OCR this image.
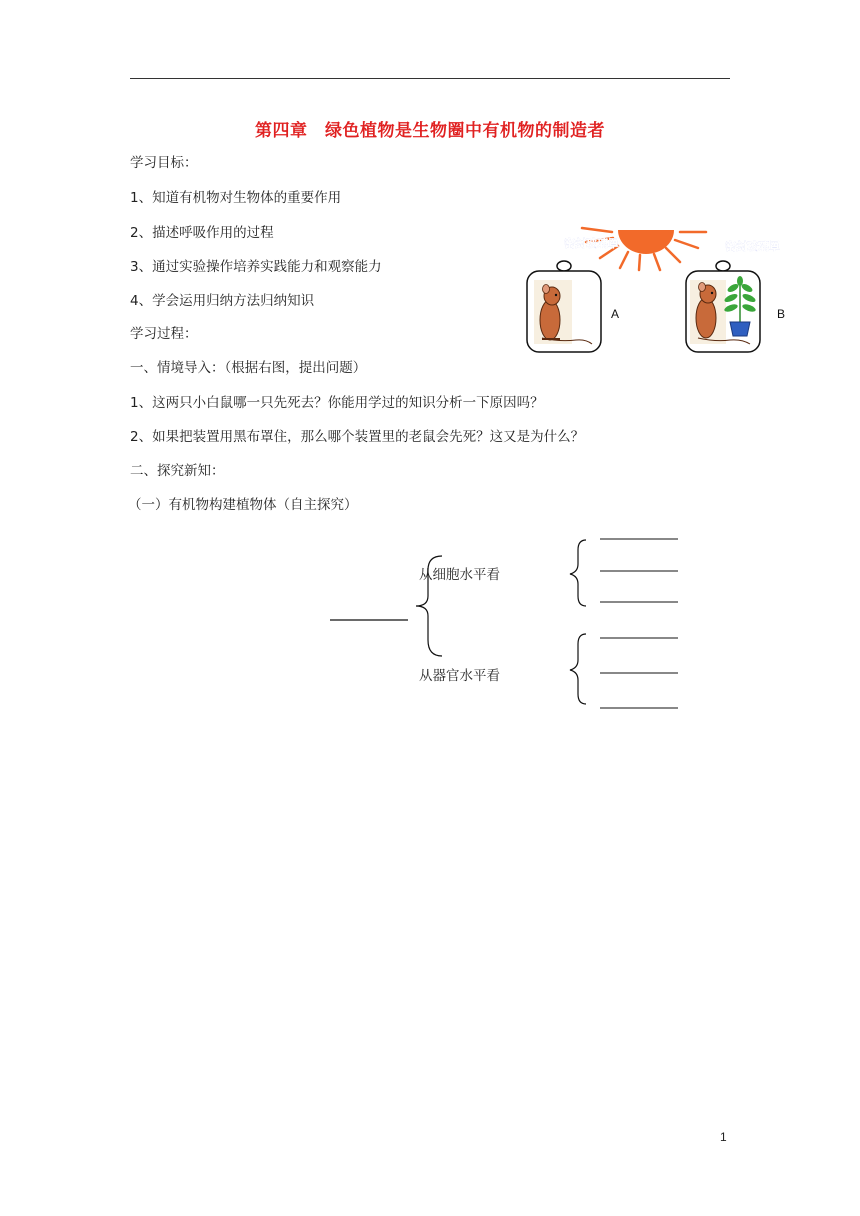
第四章　绿色植物是生物圈中有机物的制造者
学习目标：
1、知道有机物对生物体的重要作用
2、描述呼吸作用的过程
3、通过实验操作培养实践能力和观察能力
4、学会运用归纳方法归纳知识
学习过程：
一、情境导入：（根据右图，提出问题）
1、这两只小白鼠哪一只先死去？你能用学过的知识分析一下原因吗？
2、如果把装置用黑布罩住，那么哪个装置里的老鼠会先死？这又是为什么？
二、探究新知：
（一）有机物构建植物体（自主探究）
密封玻璃罩	密封玻璃罩
A	B
从细胞水平看
从器官水平看
1
